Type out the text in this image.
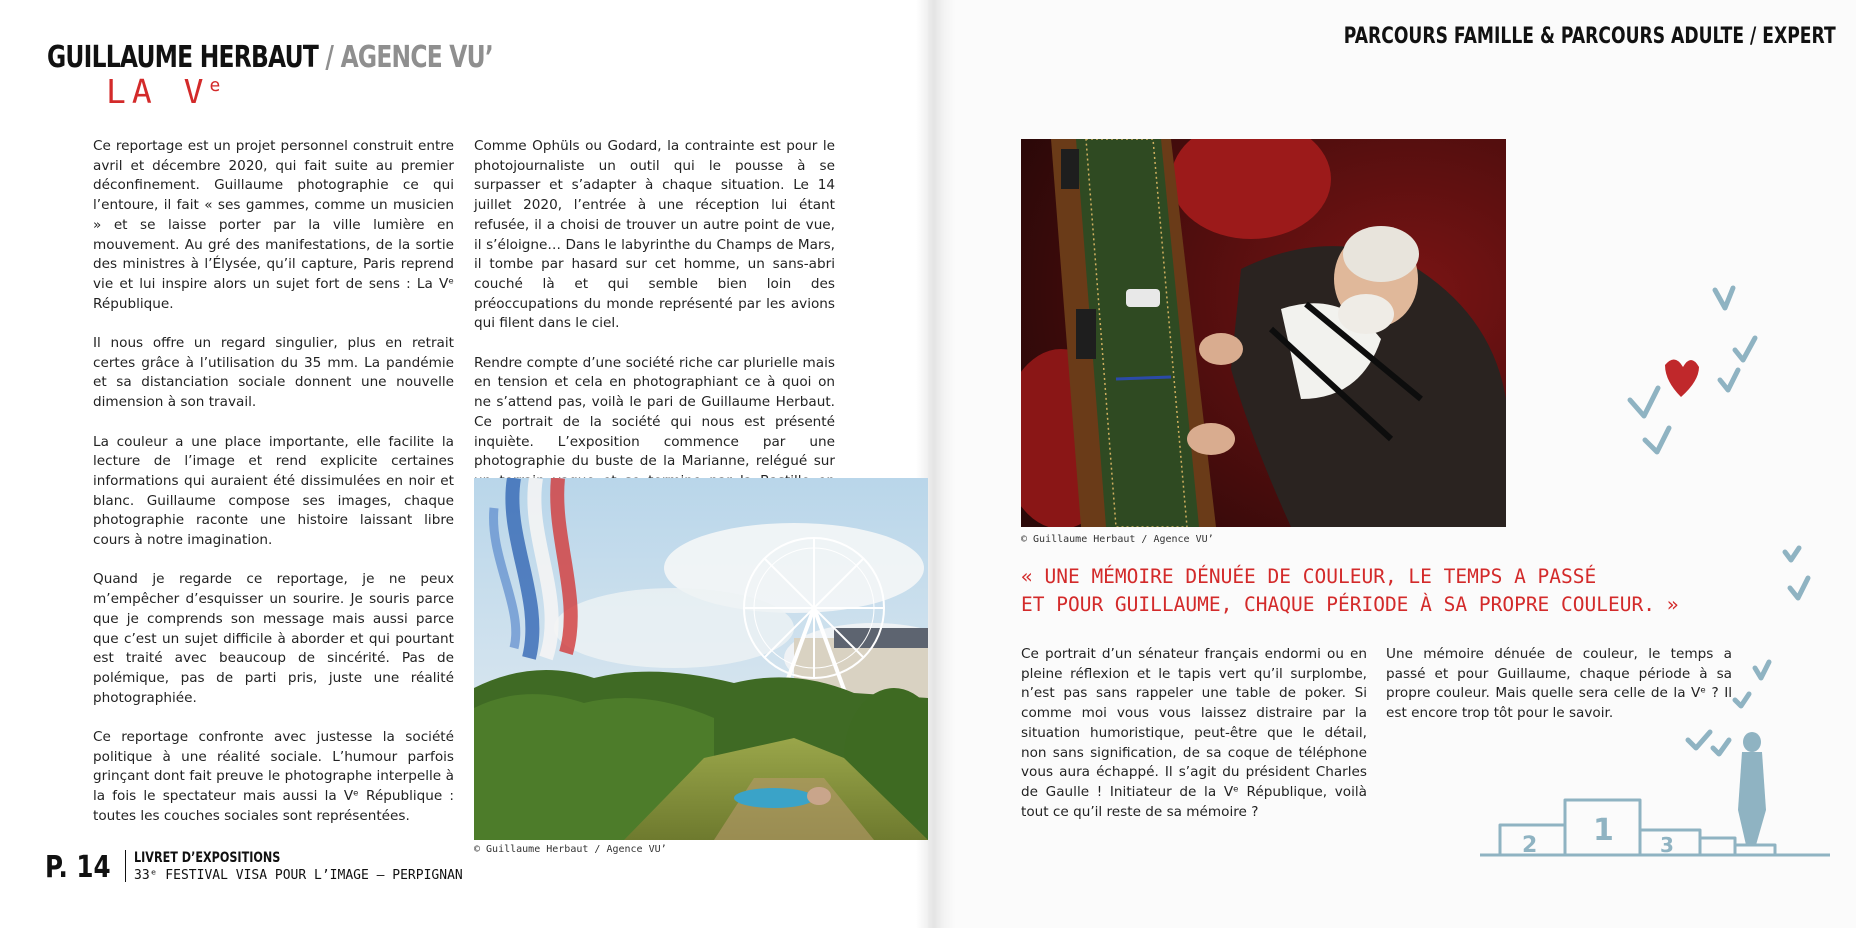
GUILLAUME HERBAUT / AGENCE VU’
LA Ve

Ce reportage est un projet personnel construit entre avril et décembre 2020, qui fait suite au premier déconfinement. Guillaume photographie ce qui l’entoure, il fait « ses gammes, comme un musicien » et se laisse porter par la ville lumière en mouvement. Au gré des manifestations, de la sortie des ministres à l’Élysée, qu’il capture, Paris reprend vie et lui inspire alors un sujet fort de sens : La Vᵉ République.

Il nous offre un regard singulier, plus en retrait certes grâce à l’utilisation du 35 mm. La pandémie et sa distanciation sociale donnent une nouvelle dimension à son travail.

La couleur a une place importante, elle facilite la lecture de l’image et rend explicite certaines informations qui auraient été dissimulées en noir et blanc. Guillaume compose ses images, chaque photographie raconte une histoire laissant libre cours à notre imagination.

Quand je regarde ce reportage, je ne peux m’empêcher d’esquisser un sourire. Je souris parce que je comprends son message mais aussi parce que c’est un sujet difficile à aborder et qui pourtant est traité avec beaucoup de sincérité. Pas de polémique, pas de parti pris, juste une réalité photographiée.

Ce reportage confronte avec justesse la société politique à une réalité sociale. L’humour parfois grinçant dont fait preuve le photographe interpelle à la fois le spectateur mais aussi la Vᵉ République : toutes les couches sociales sont représentées.

Comme Ophüls ou Godard, la contrainte est pour le photojournaliste un outil qui le pousse à se surpasser et s’adapter à chaque situation. Le 14 juillet 2020, l’entrée à une réception lui étant refusée, il a choisi de trouver un autre point de vue, il s’éloigne… Dans le labyrinthe du Champs de Mars, il tombe par hasard sur cet homme, un sans-abri couché là et qui semble bien loin des préoccupations du monde représenté par les avions qui filent dans le ciel.

Rendre compte d’une société riche car plurielle mais en tension et cela en photographiant ce à quoi on ne s’attend pas, voilà le pari de Guillaume Herbaut. Ce portrait de la société qui nous est présenté inquiète. L’exposition commence par une photographie du buste de la Marianne, relégué sur

© Guillaume Herbaut / Agence VU’
P. 14 LIVRET D’EXPOSITIONS
33ᵉ FESTIVAL VISA POUR L’IMAGE – PERPIGNAN
PARCOURS FAMILLE & PARCOURS ADULTE / EXPERT
© Guillaume Herbaut / Agence VU’
« UNE MÉMOIRE DÉNUÉE DE COULEUR, LE TEMPS A PASSÉ
ET POUR GUILLAUME, CHAQUE PÉRIODE À SA PROPRE COULEUR. »

Ce portrait d’un sénateur français endormi ou en pleine réflexion et le tapis vert qu’il surplombe, n’est pas sans rappeler une table de poker. Si comme moi vous vous laissez distraire par la situation humoristique, peut-être que le détail, non sans signification, de sa coque de téléphone vous aura échappé. Il s’agit du président Charles de Gaulle ! Initiateur de la Vᵉ République, voilà tout ce qu’il reste de sa mémoire ?

Une mémoire dénuée de couleur, le temps a passé et pour Guillaume, chaque période à sa propre couleur. Mais quelle sera celle de la Vᵉ ? Il est encore trop tôt pour le savoir.

2 1 3
